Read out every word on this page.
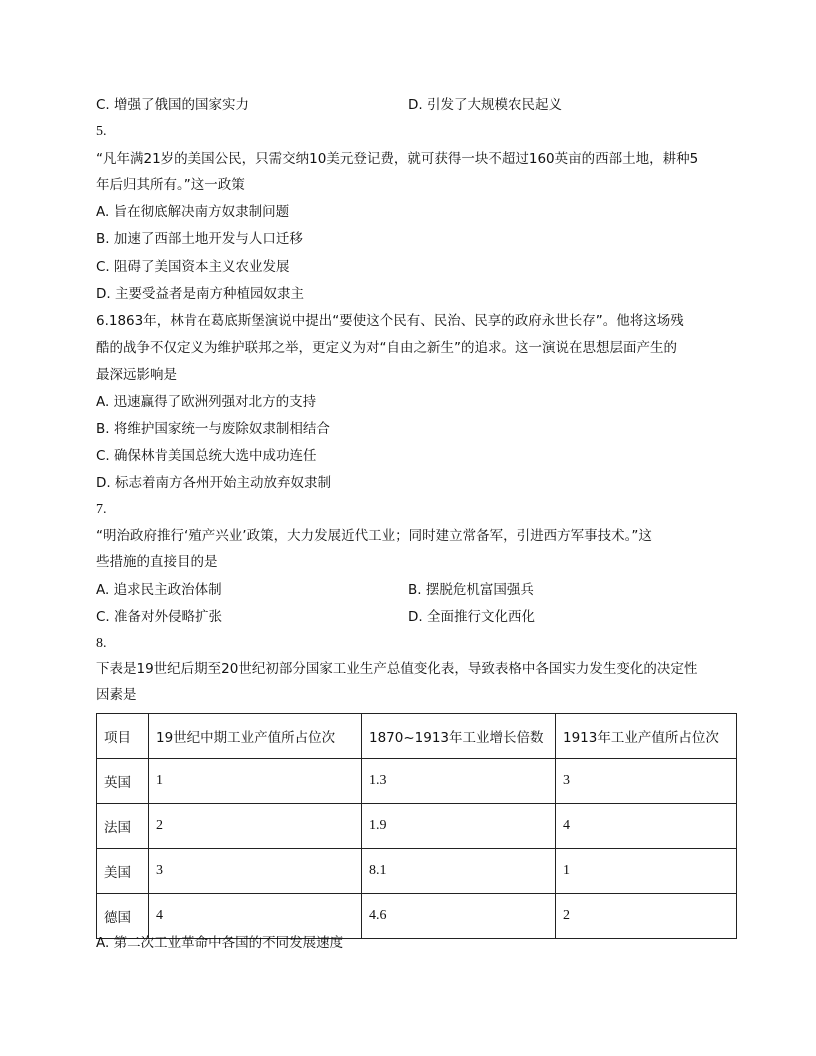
C. 增强了俄国的国家实力	D. 引发了大规模农民起义
5.
“凡年满21岁的美国公民，只需交纳10美元登记费，就可获得一块不超过160英亩的西部土地，耕种5
年后归其所有。”这一政策
A. 旨在彻底解决南方奴隶制问题
B. 加速了西部土地开发与人口迁移
C. 阻碍了美国资本主义农业发展
D. 主要受益者是南方种植园奴隶主
6.1863年，林肯在葛底斯堡演说中提出“要使这个民有、民治、民享的政府永世长存”。他将这场残
酷的战争不仅定义为维护联邦之举，更定义为对“自由之新生”的追求。这一演说在思想层面产生的
最深远影响是
A. 迅速赢得了欧洲列强对北方的支持
B. 将维护国家统一与废除奴隶制相结合
C. 确保林肯美国总统大选中成功连任
D. 标志着南方各州开始主动放弃奴隶制
7.
“明治政府推行‘殖产兴业’政策，大力发展近代工业；同时建立常备军，引进西方军事技术。”这
些措施的直接目的是
A. 追求民主政治体制	B. 摆脱危机富国强兵
C. 准备对外侵略扩张	D. 全面推行文化西化
8.
下表是19世纪后期至20世纪初部分国家工业生产总值变化表，导致表格中各国实力发生变化的决定性
因素是
项目	19世纪中期工业产值所占位次	1870~1913年工业增长倍数	1913年工业产值所占位次
英国	1	1.3	3
法国	2	1.9	4
美国	3	8.1	1
德国	4	4.6	2
A. 第二次工业革命中各国的不同发展速度
